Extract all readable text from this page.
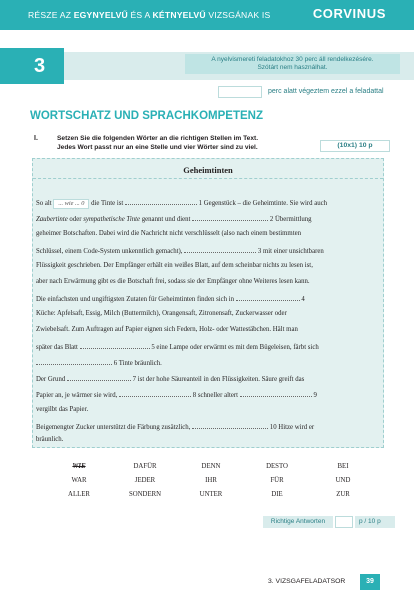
RÉSZE AZ EGYNYELVŰ ÉS A KÉTNYELVŰ VIZSGÁNAK IS	CORVINUS
3	A nyelvismereti feladatokhoz 30 perc áll rendelkezésére.
Szótárt nem használhat.
perc alatt végeztem ezzel a feladattal
WORTSCHATZ UND SPRACHKOMPETENZ
I.	Setzen Sie die folgenden Wörter an die richtigen Stellen im Text.
Jedes Wort passt nur an eine Stelle und vier Wörter sind zu viel.	(10x1) 10 p
Geheimtinten
So alt ... wie ... 0 die Tinte ist	1 Gegenstück – die Geheimtinte. Sie wird auch
Zaubertinte oder sympathetische Tinte genannt und dient	2 Übermittlung
geheimer Botschaften. Dabei wird die Nachricht nicht verschlüsselt (also nach einem bestimmten
Schlüssel, einem Code-System unkenntlich gemacht),	3 mit einer unsichtbaren
Flüssigkeit geschrieben. Der Empfänger erhält ein weißes Blatt, auf dem scheinbar nichts zu lesen ist,
aber nach Erwärmung gibt es die Botschaft frei, sodass sie der Empfänger ohne Weiteres lesen kann.
Die einfachsten und ungiftigsten Zutaten für Geheimtinten finden sich in	4
Küche: Apfelsaft, Essig, Milch (Buttermilch), Orangensaft, Zitronensaft, Zuckerwasser oder
Zwiebelsaft. Zum Auftragen auf Papier eignen sich Federn, Holz- oder Wattestäbchen. Hält man
später das Blatt	5 eine Lampe oder erwärmt es mit dem Bügeleisen, färbt sich
6 Tinte bräunlich.
Der Grund	7 ist der hohe Säureanteil in den Flüssigkeiten. Säure greift das
Papier an, je wärmer sie wird,	8 schneller altert	9
vergilbt das Papier.
Beigemengter Zucker unterstützt die Färbung zusätzlich,	10 Hitze wird er
bräunlich.
WIE	DAFÜR	DENN	DESTO	BEI
WAR	JEDER	IHR	FÜR	UND
ALLER	SONDERN	UNTER	DIE	ZUR
Richtige Antworten	p / 10 p
3. VIZSGAFELADATSOR	39
